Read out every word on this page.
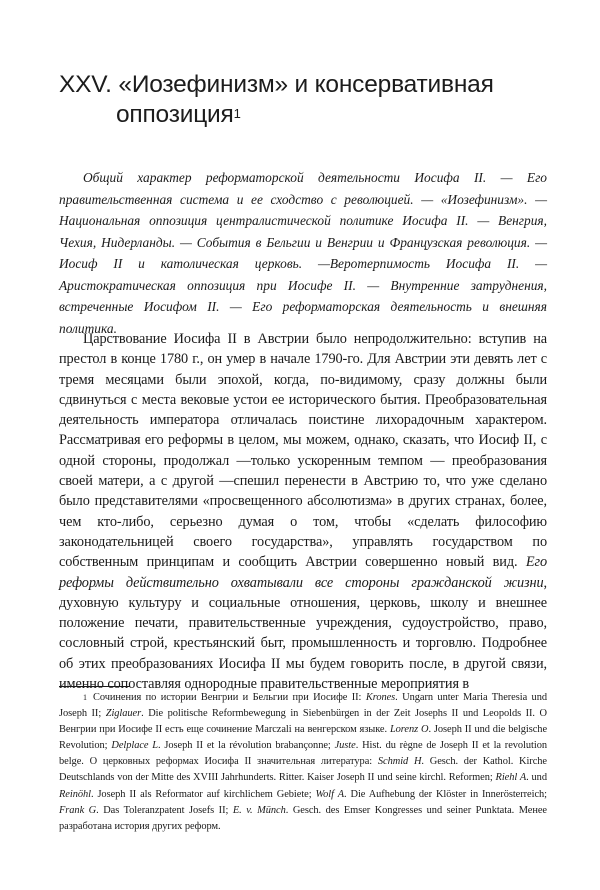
XXV. «Иозефинизм» и консервативная
оппозиция$^1$

Общий характер реформаторской деятельности Иосифа II. — Его правительственная система и ее сходство с революцией. — «Иозефинизм». — Национальная оппозиция централистической политике Иосифа II. — Венгрия, Чехия, Нидерланды. — События в Бельгии и Венгрии и Французская революция. — Иосиф II и католическая церковь. —Веротерпимость Иосифа II. — Аристократическая оппозиция при Иосифе II. — Внутренние затруднения, встреченные Иосифом II. — Его реформаторская деятельность и внешняя политика.

Царствование Иосифа II в Австрии было непродолжительно: вступив на престол в конце 1780 г., он умер в начале 1790-го. Для Австрии эти девять лет с тремя месяцами были эпохой, когда, по-видимому, сразу должны были сдвинуться с места вековые устои ее исторического бытия. Преобразовательная деятельность императора отличалась поистине лихорадочным характером. Рассматривая его реформы в целом, мы можем, однако, сказать, что Иосиф II, с одной стороны, продолжал —только ускоренным темпом — преобразования своей матери, а с другой —спешил перенести в Австрию то, что уже сделано было представителями «просвещенного абсолютизма» в других странах, более, чем кто-либо, серьезно думая о том, чтобы «сделать философию законодательницей своего государства», управлять государством по собственным принципам и сообщить Австрии совершенно новый вид. Его реформы действительно охватывали все стороны гражданской жизни, духовную культуру и социальные отношения, церковь, школу и внешнее положение печати, правительственные учреждения, судоустройство, право, сословный строй, крестьянский быт, промышленность и торговлю. Подробнее об этих преобразованиях Иосифа II мы будем говорить после, в другой связи, именно сопоставляя однородные правительственные мероприятия в

$^1$ Сочинения по истории Венгрии и Бельгии при Иосифе II: Krones. Ungarn unter Maria Theresia und Joseph II; Ziglauer. Die politische Reformbewegung in Siebenbürgen in der Zeit Josephs II und Leopolds II. О Венгрии при Иосифе II есть еще сочинение Marczali на венгерском языке. Lorenz O. Joseph II und die belgische Revolution; Delplace L. Joseph II et la révolution brabançonne; Juste. Hist. du règne de Joseph II et la revolution belge. О церковных реформах Иосифа II значительная литература: Schmid H. Gesch. der Kathol. Kirche Deutschlands von der Mitte des XVIII Jahrhunderts. Ritter. Kaiser Joseph II und seine kirchl. Reformen; Riehl A. und Reinöhl. Joseph II als Reformator auf kirchlichem Gebiete; Wolf A. Die Aufhebung der Klöster in Innerösterreich; Frank G. Das Toleranzpatent Josefs II; E. v. Münch. Gesch. des Emser Kongresses und seiner Punktata. Менее разработана история других реформ.
